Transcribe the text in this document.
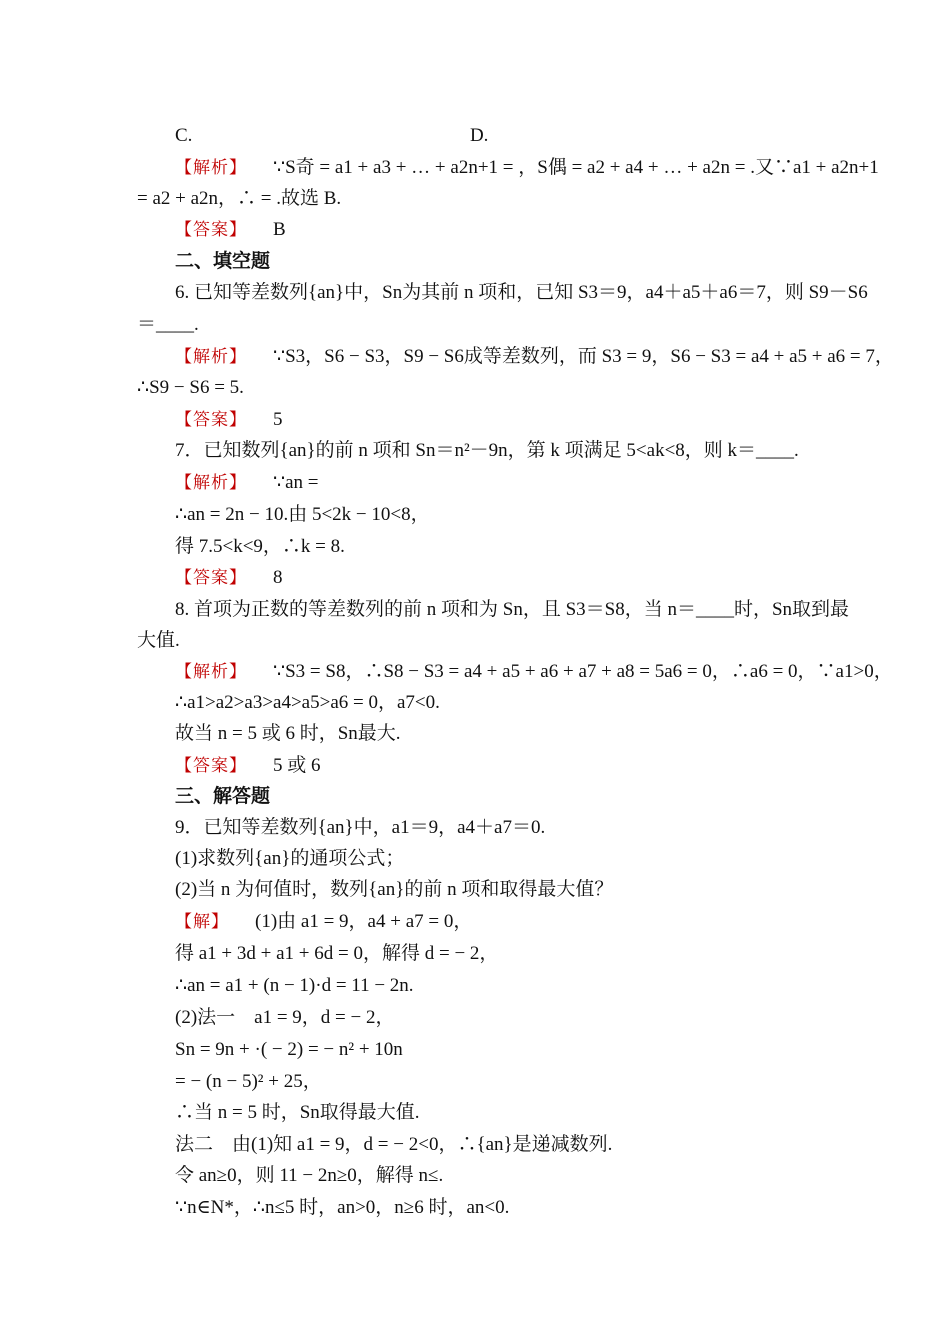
C.	D.
【解析】 ∵S奇 = a1 + a3 + … + a2n+1 = ，S偶 = a2 + a4 + … + a2n = .又∵a1 + a2n+1
= a2 + a2n，∴ = .故选 B.
【答案】 B
二、填空题
6. 已知等差数列{an}中，Sn为其前 n 项和，已知 S3＝9，a4＋a5＋a6＝7，则 S9－S6
＝____.
【解析】 ∵S3，S6 − S3，S9 − S6成等差数列，而 S3 = 9，S6 − S3 = a4 + a5 + a6 = 7，
∴S9 − S6 = 5.
【答案】 5
7．已知数列{an}的前 n 项和 Sn＝n²－9n，第 k 项满足 5<ak<8，则 k＝____.
【解析】 ∵an =
∴an = 2n − 10.由 5<2k − 10<8，
得 7.5<k<9，∴k = 8.
【答案】 8
8. 首项为正数的等差数列的前 n 项和为 Sn，且 S3＝S8，当 n＝____时，Sn取到最
大值.
【解析】 ∵S3 = S8，∴S8 − S3 = a4 + a5 + a6 + a7 + a8 = 5a6 = 0，∴a6 = 0，∵a1>0，
∴a1>a2>a3>a4>a5>a6 = 0，a7<0.
故当 n = 5 或 6 时，Sn最大.
【答案】 5 或 6
三、解答题
9．已知等差数列{an}中，a1＝9，a4＋a7＝0.
(1)求数列{an}的通项公式；
(2)当 n 为何值时，数列{an}的前 n 项和取得最大值？
【解】 (1)由 a1 = 9，a4 + a7 = 0，
得 a1 + 3d + a1 + 6d = 0，解得 d = − 2，
∴an = a1 + (n − 1)·d = 11 − 2n.
(2)法一　a1 = 9，d = − 2，
Sn = 9n + ·( − 2) = − n² + 10n
= − (n − 5)² + 25，
∴当 n = 5 时，Sn取得最大值.
法二　由(1)知 a1 = 9，d = − 2<0，∴{an}是递减数列.
令 an≥0，则 11 − 2n≥0，解得 n≤.
∵n∈N*，∴n≤5 时，an>0，n≥6 时，an<0.
